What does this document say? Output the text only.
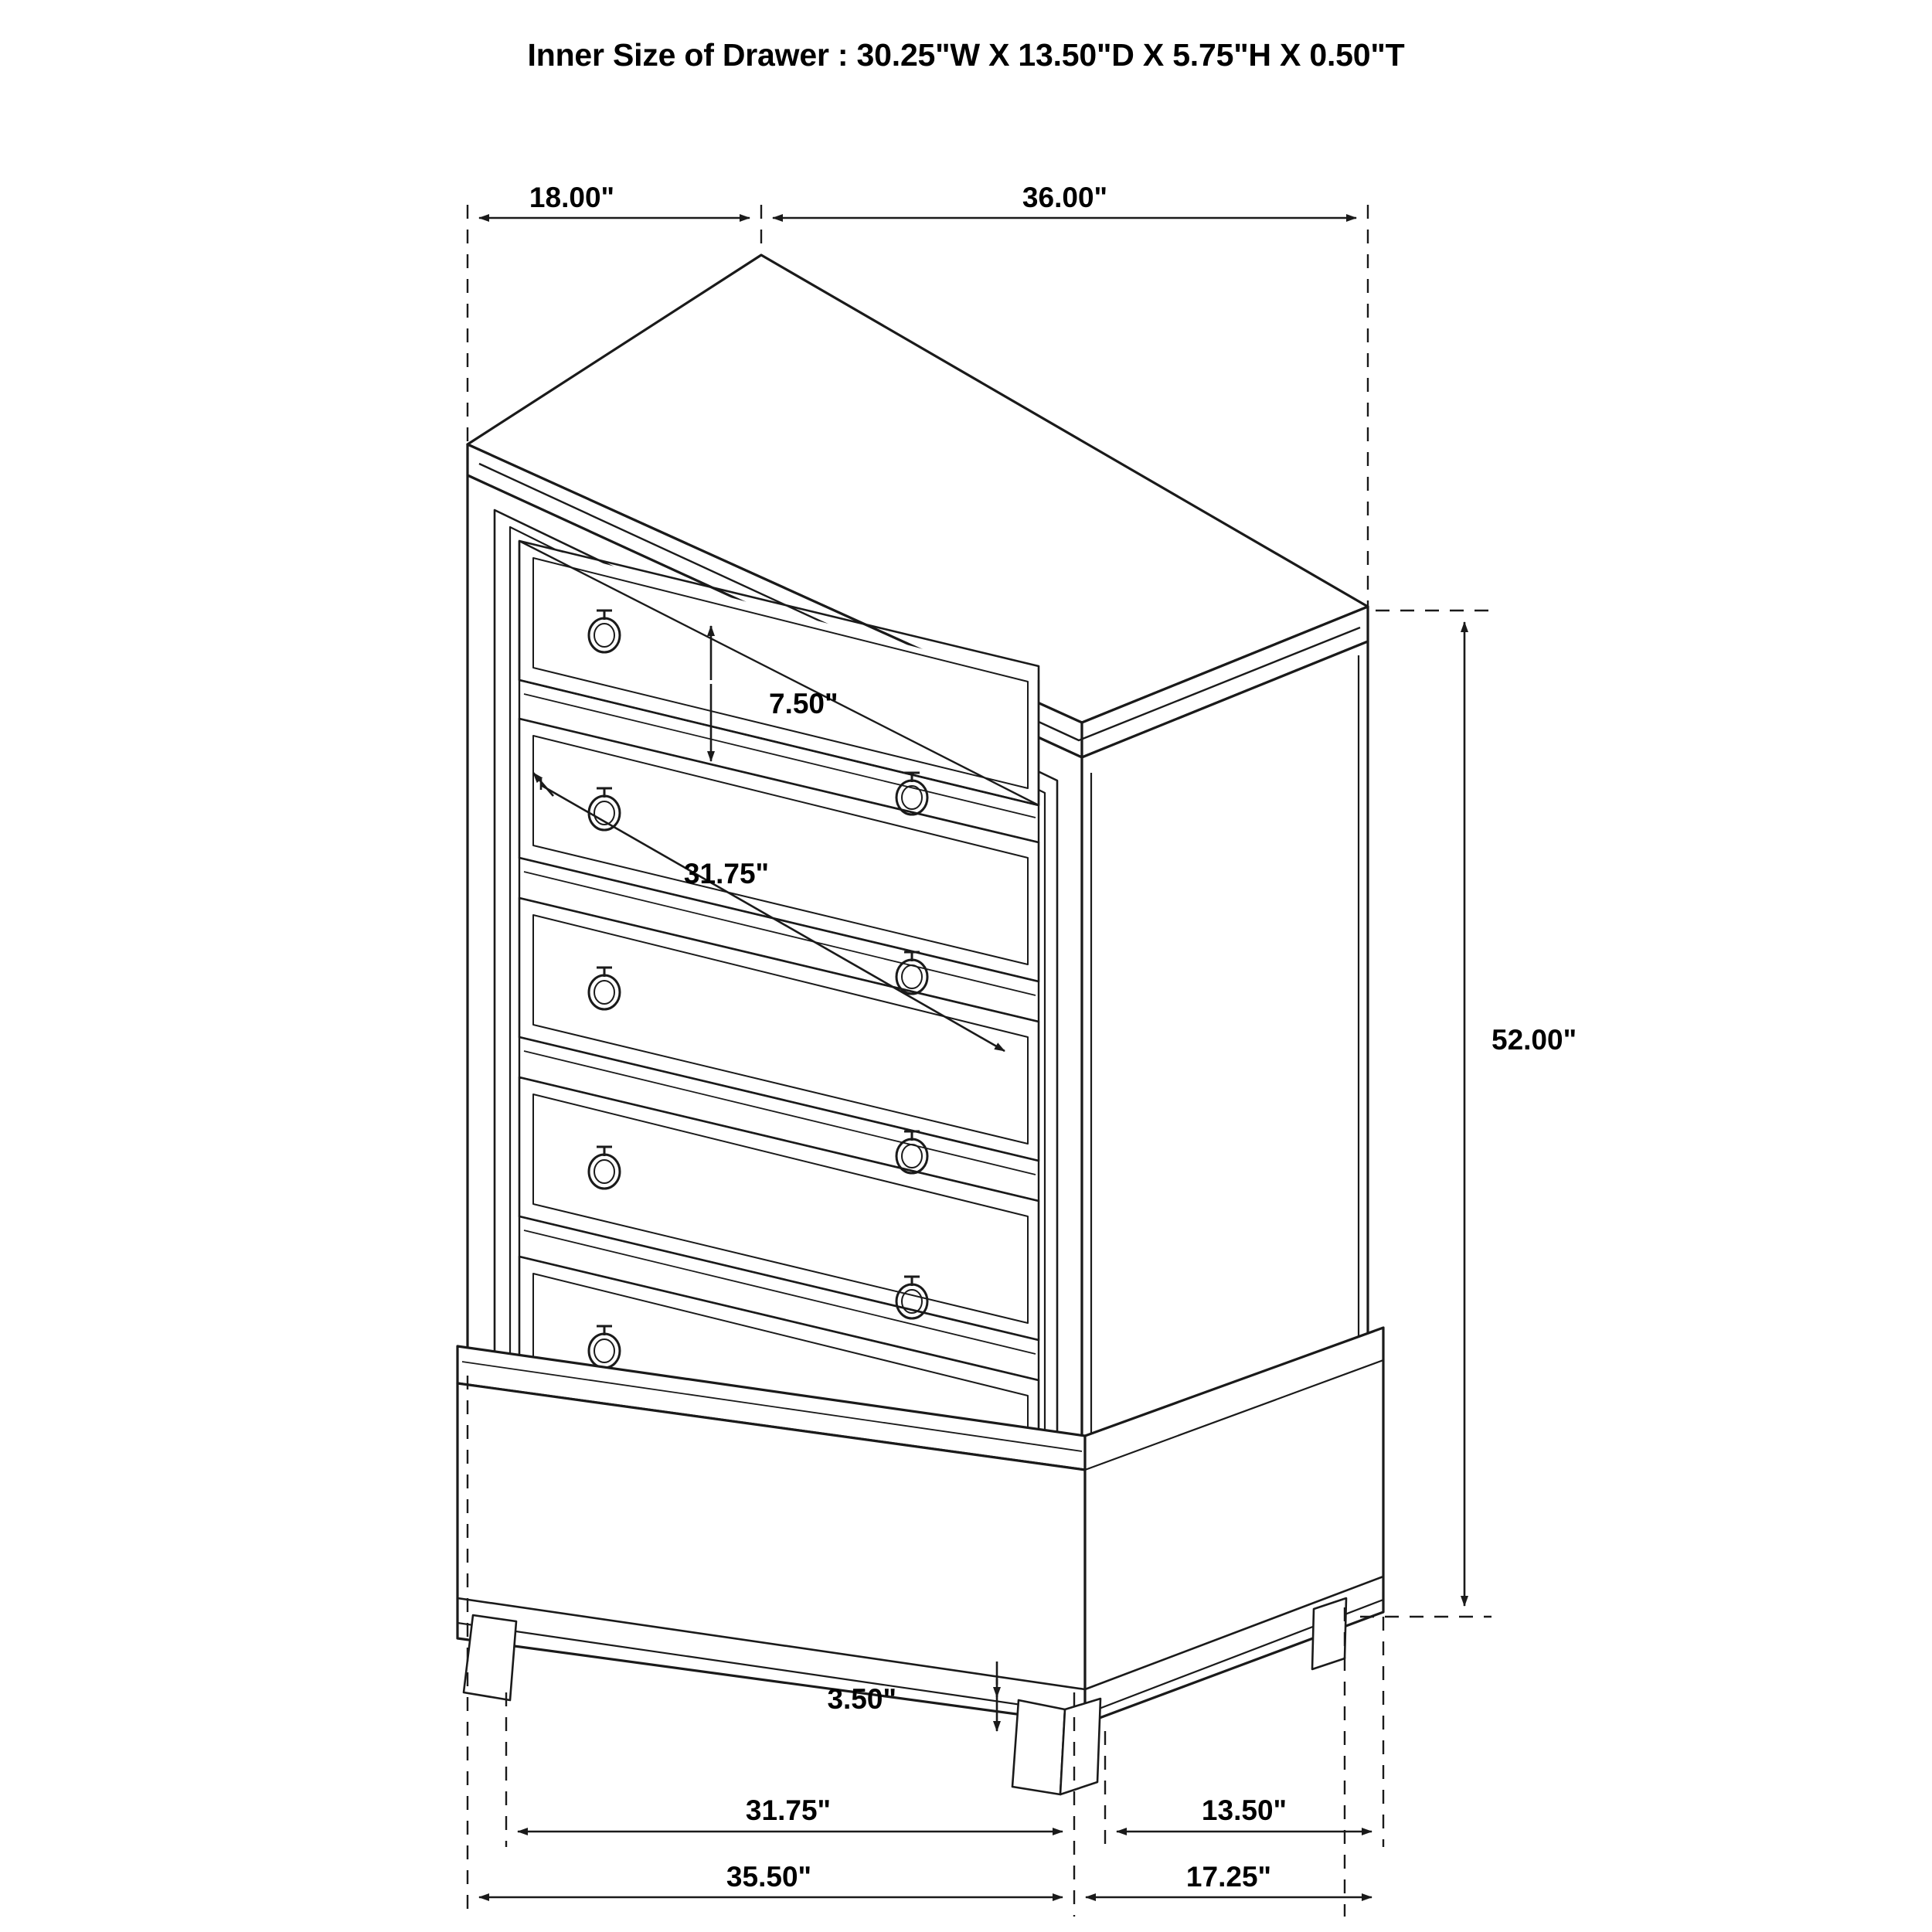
Inner Size of Drawer : 30.25"W X 13.50"D X 5.75"H X 0.50"T
18.00"	36.00"
7.50"
31.75"
52.00"
3.50"
31.75"	13.50"
35.50"	17.25"
